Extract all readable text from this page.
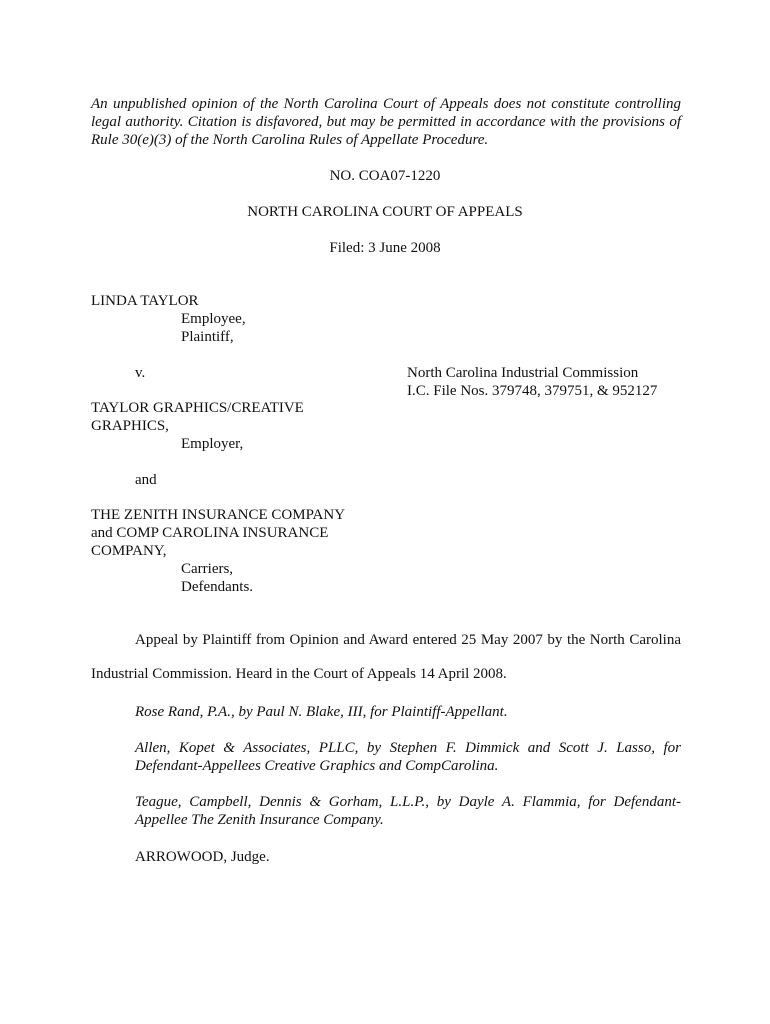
An unpublished opinion of the North Carolina Court of Appeals does not constitute controlling
legal authority. Citation is disfavored, but may be permitted in accordance with the provisions of
Rule 30(e)(3) of the North Carolina Rules of Appellate Procedure.
NO. COA07-1220
NORTH CAROLINA COURT OF APPEALS
Filed: 3 June 2008
LINDA TAYLOR
Employee,
Plaintiff,
v.
TAYLOR GRAPHICS/CREATIVE
GRAPHICS,
Employer,
and
THE ZENITH INSURANCE COMPANY
and COMP CAROLINA INSURANCE
COMPANY,
Carriers,
Defendants.
North Carolina Industrial Commission
I.C. File Nos. 379748, 379751, & 952127
Appeal by Plaintiff from Opinion and Award entered 25 May 2007 by the North Carolina
Industrial Commission. Heard in the Court of Appeals 14 April 2008.
Rose Rand, P.A., by Paul N. Blake, III, for Plaintiff-Appellant.
Allen, Kopet & Associates, PLLC, by Stephen F. Dimmick and Scott J. Lasso, for
Defendant-Appellees Creative Graphics and CompCarolina.
Teague, Campbell, Dennis & Gorham, L.L.P., by Dayle A. Flammia, for Defendant-
Appellee The Zenith Insurance Company.
ARROWOOD, Judge.
